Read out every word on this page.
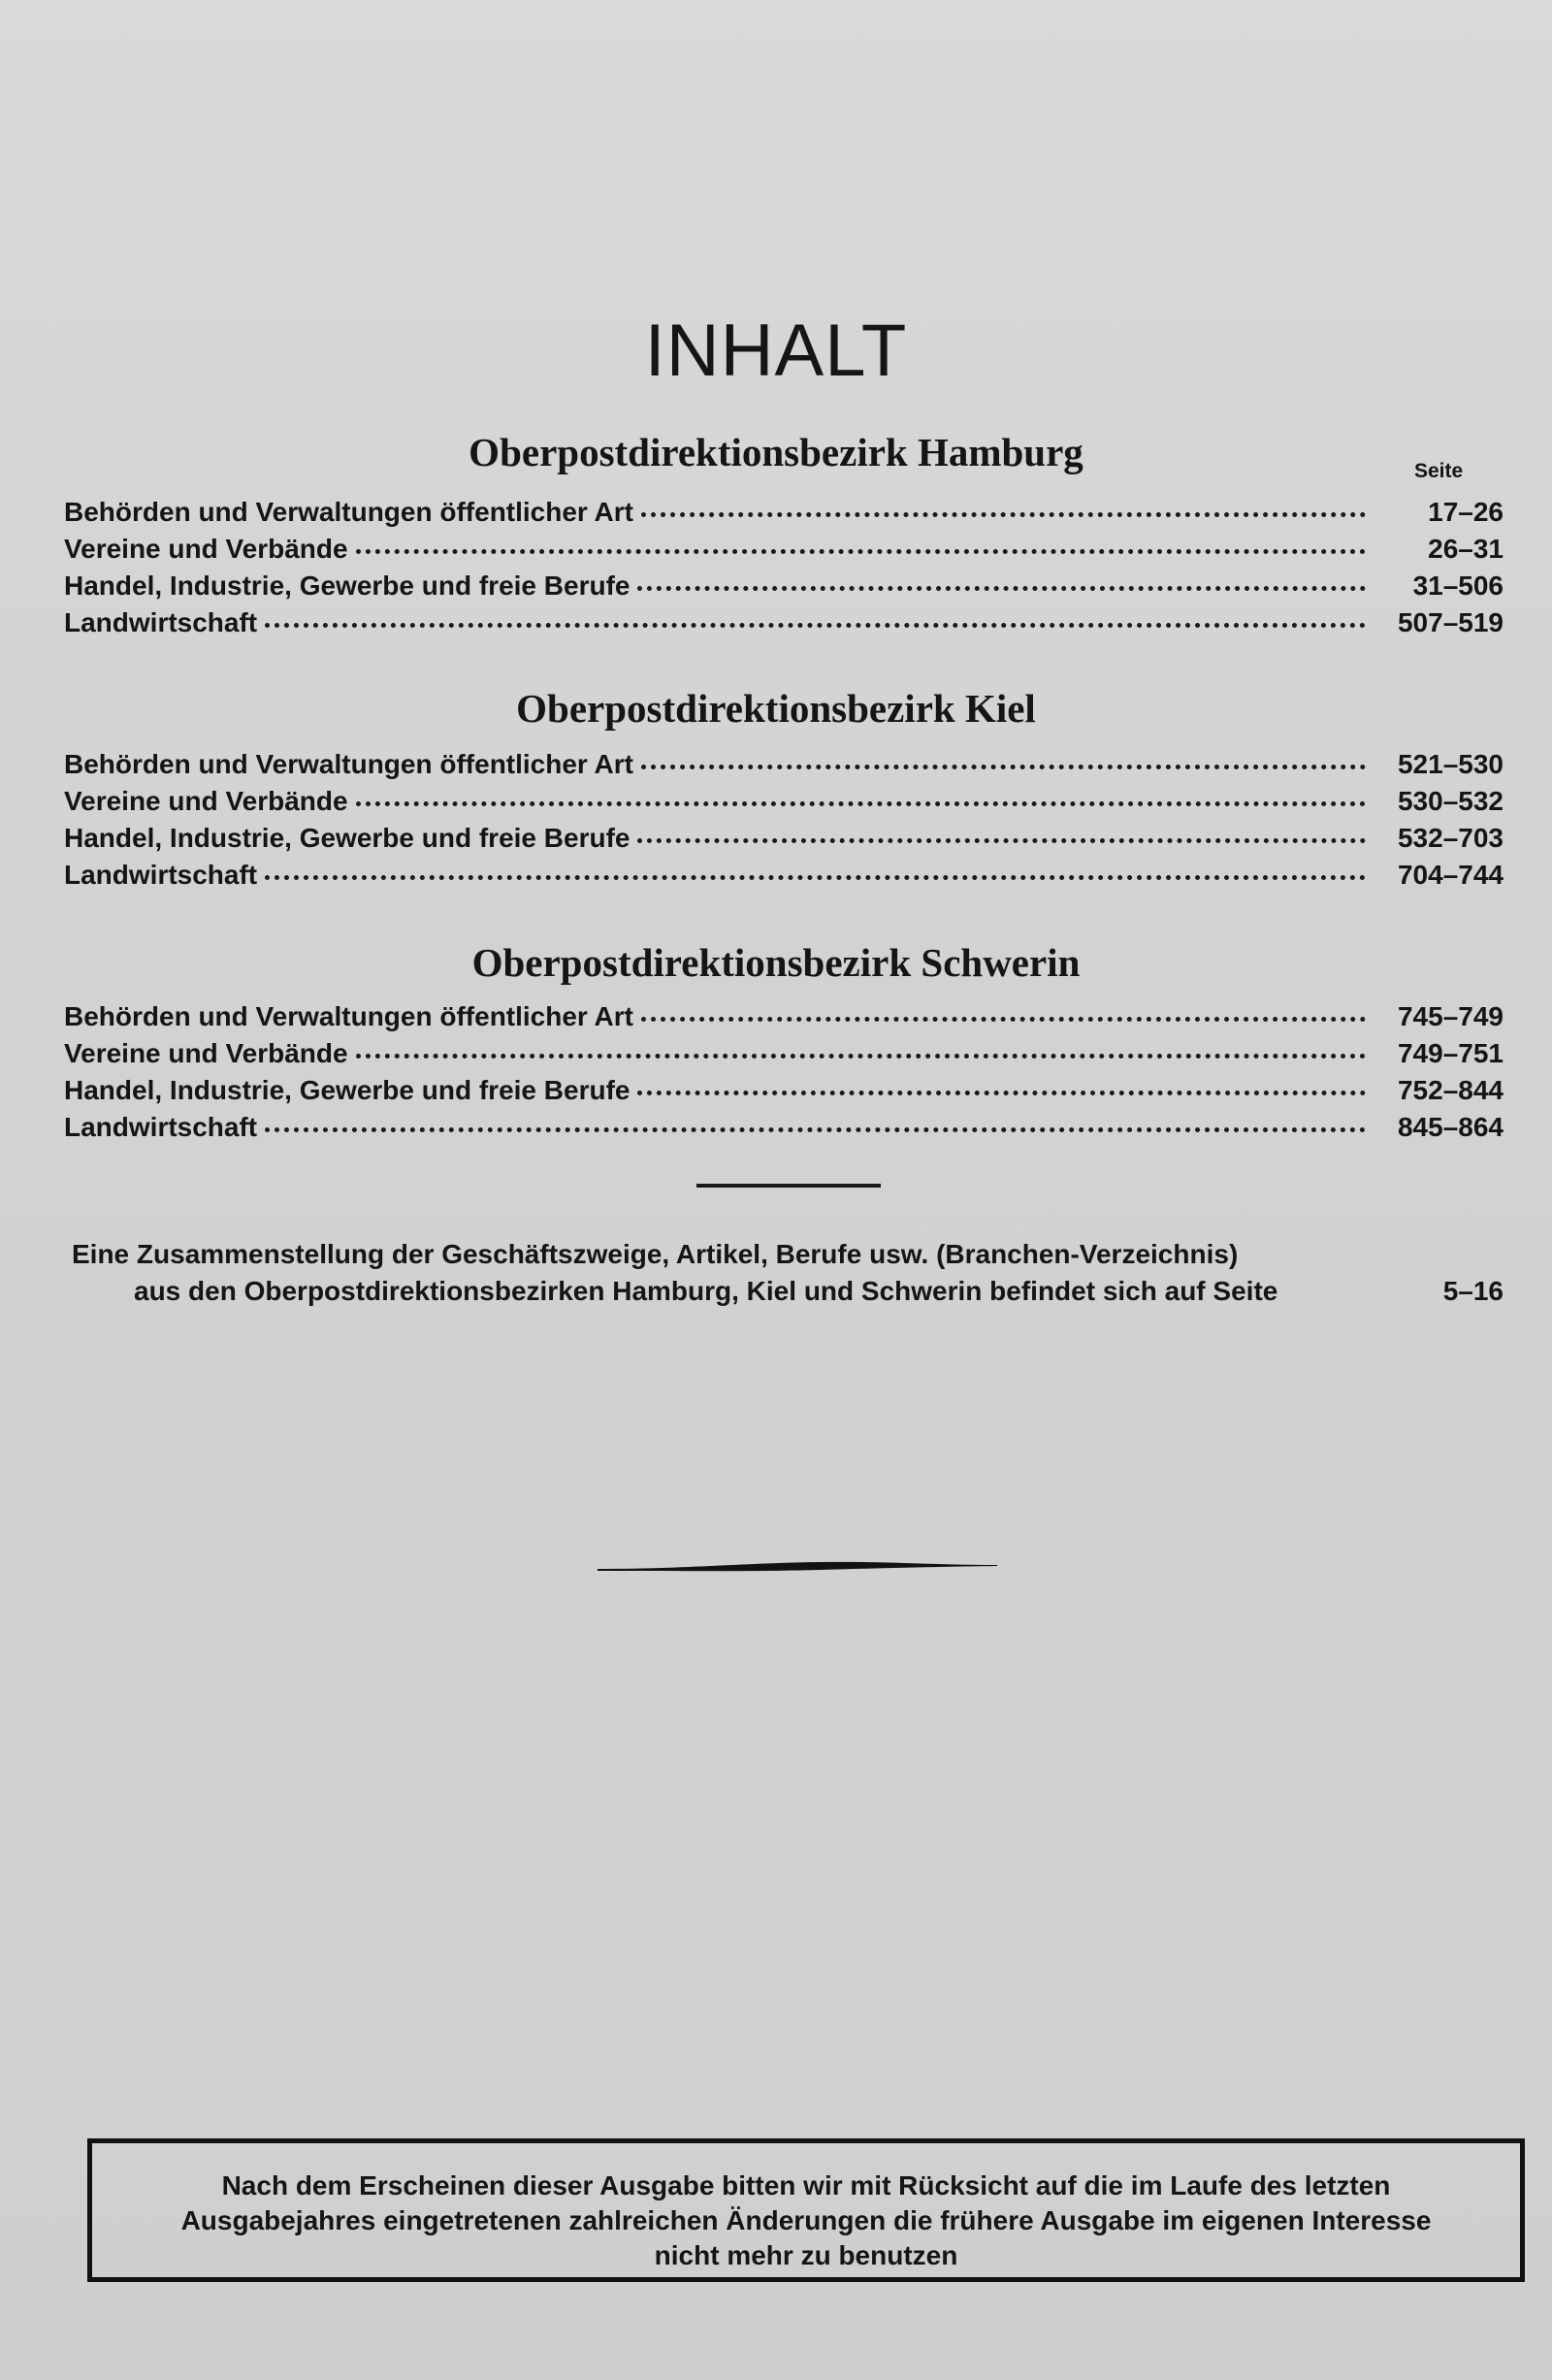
INHALT
Oberpostdirektionsbezirk Hamburg	Seite
Behörden und Verwaltungen öffentlicher Art	17–26
Vereine und Verbände	26–31
Handel, Industrie, Gewerbe und freie Berufe	31–506
Landwirtschaft	507–519
Oberpostdirektionsbezirk Kiel
Behörden und Verwaltungen öffentlicher Art	521–530
Vereine und Verbände	530–532
Handel, Industrie, Gewerbe und freie Berufe	532–703
Landwirtschaft	704–744
Oberpostdirektionsbezirk Schwerin
Behörden und Verwaltungen öffentlicher Art	745–749
Vereine und Verbände	749–751
Handel, Industrie, Gewerbe und freie Berufe	752–844
Landwirtschaft	845–864
Eine Zusammenstellung der Geschäftszweige, Artikel, Berufe usw. (Branchen-Verzeichnis)
aus den Oberpostdirektionsbezirken Hamburg, Kiel und Schwerin befindet sich auf Seite	5–16
Nach dem Erscheinen dieser Ausgabe bitten wir mit Rücksicht auf die im Laufe des letzten
Ausgabejahres eingetretenen zahlreichen Änderungen die frühere Ausgabe im eigenen Interesse
nicht mehr zu benutzen
